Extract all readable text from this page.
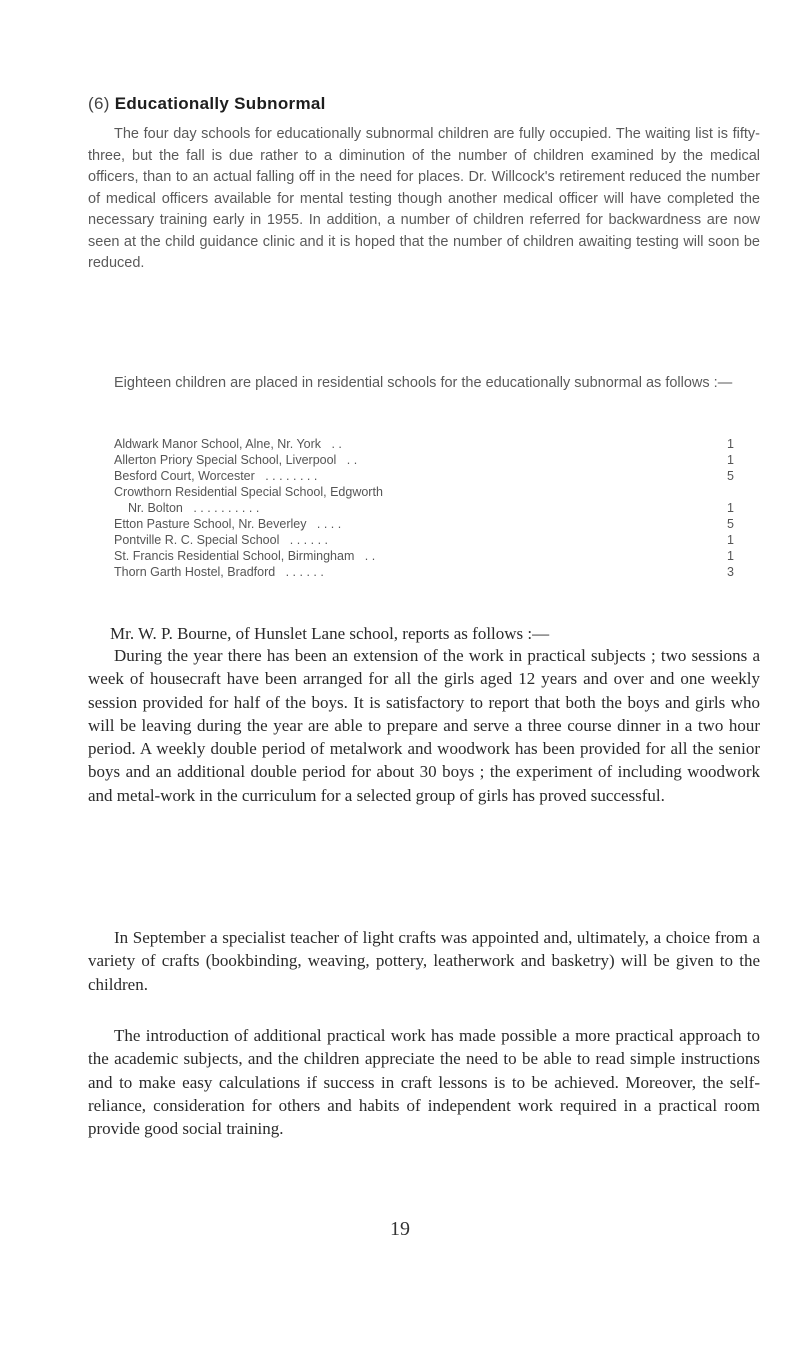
(6) Educationally Subnormal

The four day schools for educationally subnormal children are fully occupied. The waiting list is fifty-three, but the fall is due rather to a diminution of the number of children examined by the medical officers, than to an actual falling off in the need for places. Dr. Willcock's retirement reduced the number of medical officers available for mental testing though another medical officer will have completed the necessary training early in 1955. In addition, a number of children referred for backwardness are now seen at the child guidance clinic and it is hoped that the number of children awaiting testing will soon be reduced.

Eighteen children are placed in residential schools for the educationally subnormal as follows :—

Aldwark Manor School, Alne, Nr. York . .	1
Allerton Priory Special School, Liverpool . .	1
Besford Court, Worcester . . . . . . . .	5
Crowthorn Residential Special School, Edgworth
Nr. Bolton . . . . . . . . . .	1
Etton Pasture School, Nr. Beverley . . . .	5
Pontville R. C. Special School . . . . . .	1
St. Francis Residential School, Birmingham . .	1
Thorn Garth Hostel, Bradford . . . . . .	3

Mr. W. P. Bourne, of Hunslet Lane school, reports as follows :—

During the year there has been an extension of the work in practical subjects ; two sessions a week of housecraft have been arranged for all the girls aged 12 years and over and one weekly session provided for half of the boys. It is satisfactory to report that both the boys and girls who will be leaving during the year are able to prepare and serve a three course dinner in a two hour period. A weekly double period of metalwork and woodwork has been provided for all the senior boys and an additional double period for about 30 boys ; the experiment of including woodwork and metal-work in the curriculum for a selected group of girls has proved successful.

In September a specialist teacher of light crafts was appointed and, ultimately, a choice from a variety of crafts (bookbinding, weaving, pottery, leatherwork and basketry) will be given to the children.

The introduction of additional practical work has made possible a more practical approach to the academic subjects, and the children appreciate the need to be able to read simple instructions and to make easy calculations if success in craft lessons is to be achieved. Moreover, the self-reliance, consideration for others and habits of independent work required in a practical room provide good social training.

19
